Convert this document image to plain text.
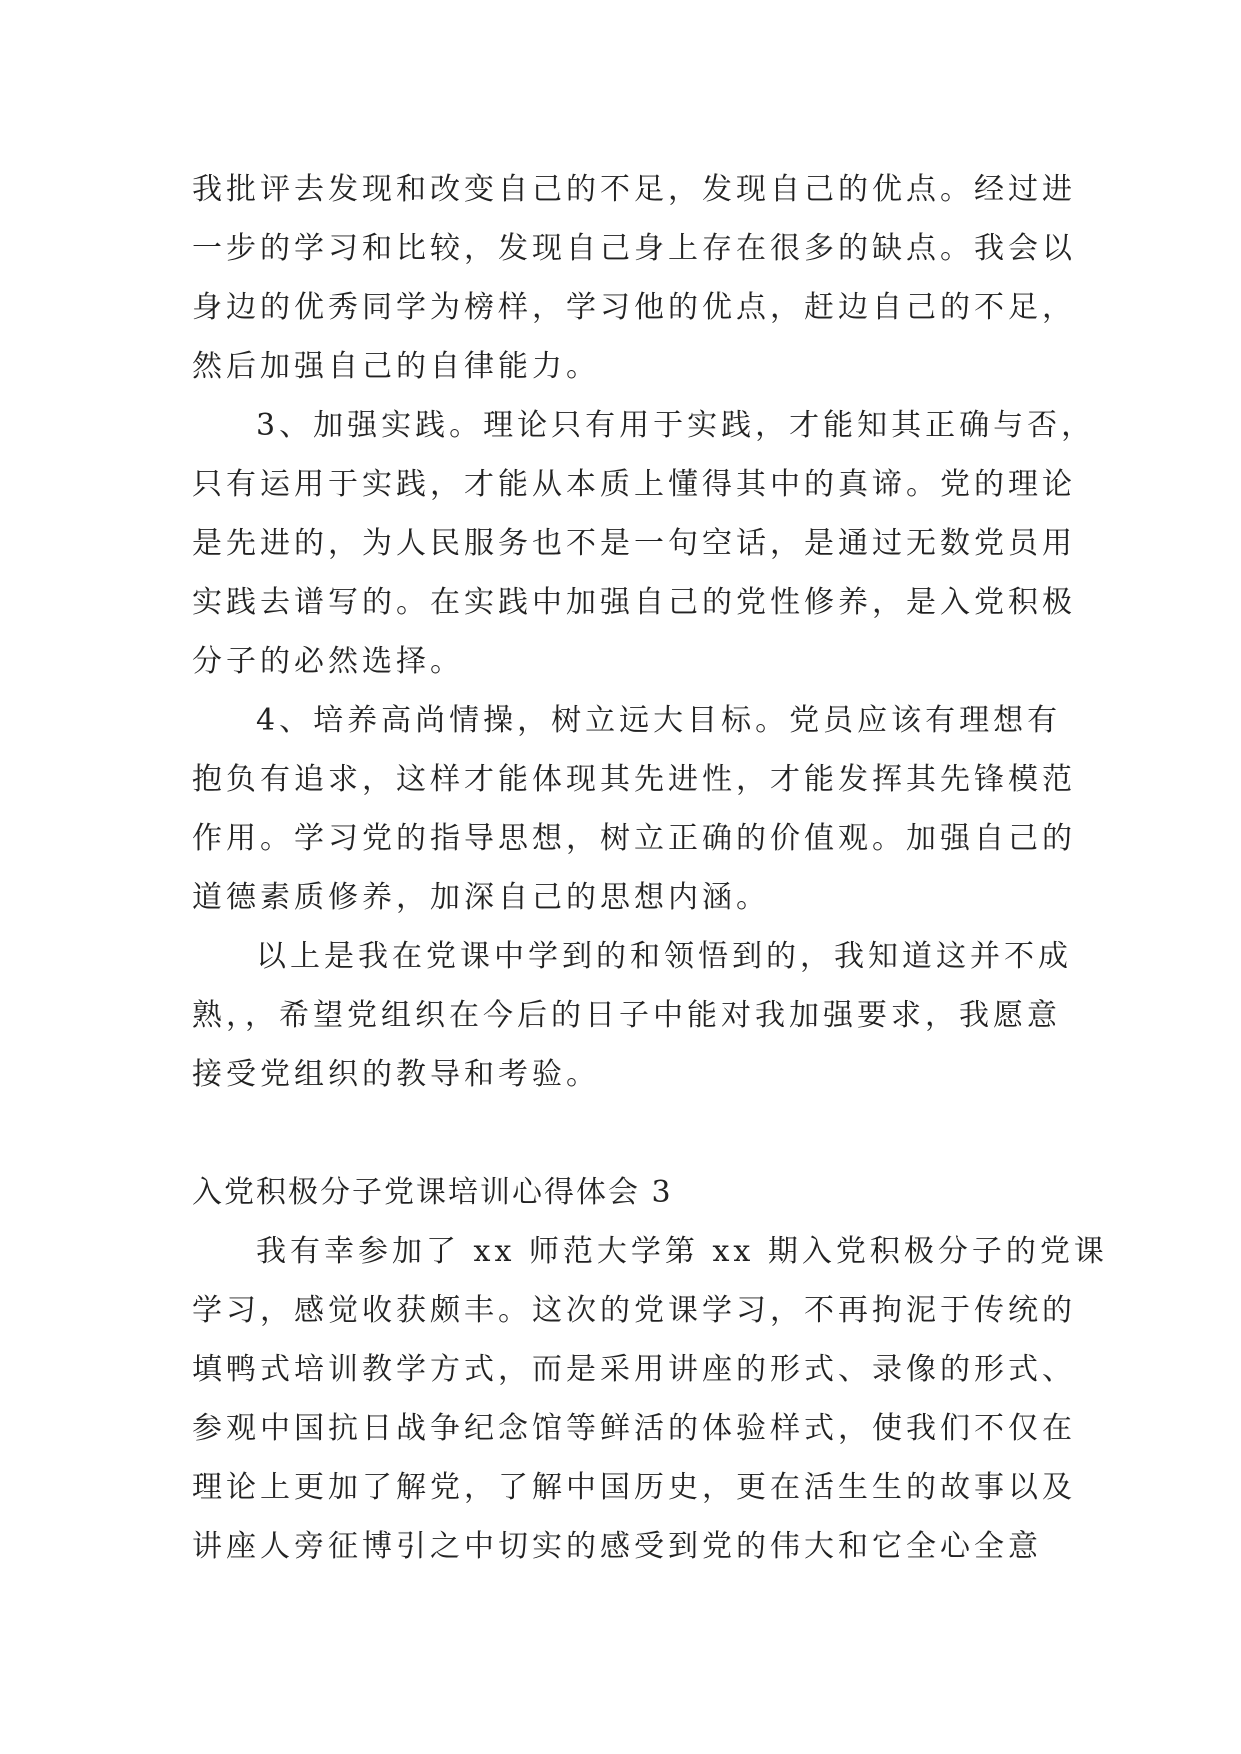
我批评去发现和改变自己的不足，发现自己的优点。经过进
一步的学习和比较，发现自己身上存在很多的缺点。我会以
身边的优秀同学为榜样，学习他的优点，赶边自己的不足，
然后加强自己的自律能力。
3、加强实践。理论只有用于实践，才能知其正确与否，
只有运用于实践，才能从本质上懂得其中的真谛。党的理论
是先进的，为人民服务也不是一句空话，是通过无数党员用
实践去谱写的。在实践中加强自己的党性修养，是入党积极
分子的必然选择。
4、培养高尚情操，树立远大目标。党员应该有理想有
抱负有追求，这样才能体现其先进性，才能发挥其先锋模范
作用。学习党的指导思想，树立正确的价值观。加强自己的
道德素质修养，加深自己的思想内涵。
以上是我在党课中学到的和领悟到的，我知道这并不成
熟，，希望党组织在今后的日子中能对我加强要求，我愿意
接受党组织的教导和考验。
入党积极分子党课培训心得体会 3
我有幸参加了 xx 师范大学第 xx 期入党积极分子的党课
学习，感觉收获颇丰。这次的党课学习，不再拘泥于传统的
填鸭式培训教学方式，而是采用讲座的形式、录像的形式、
参观中国抗日战争纪念馆等鲜活的体验样式，使我们不仅在
理论上更加了解党，了解中国历史，更在活生生的故事以及
讲座人旁征博引之中切实的感受到党的伟大和它全心全意
